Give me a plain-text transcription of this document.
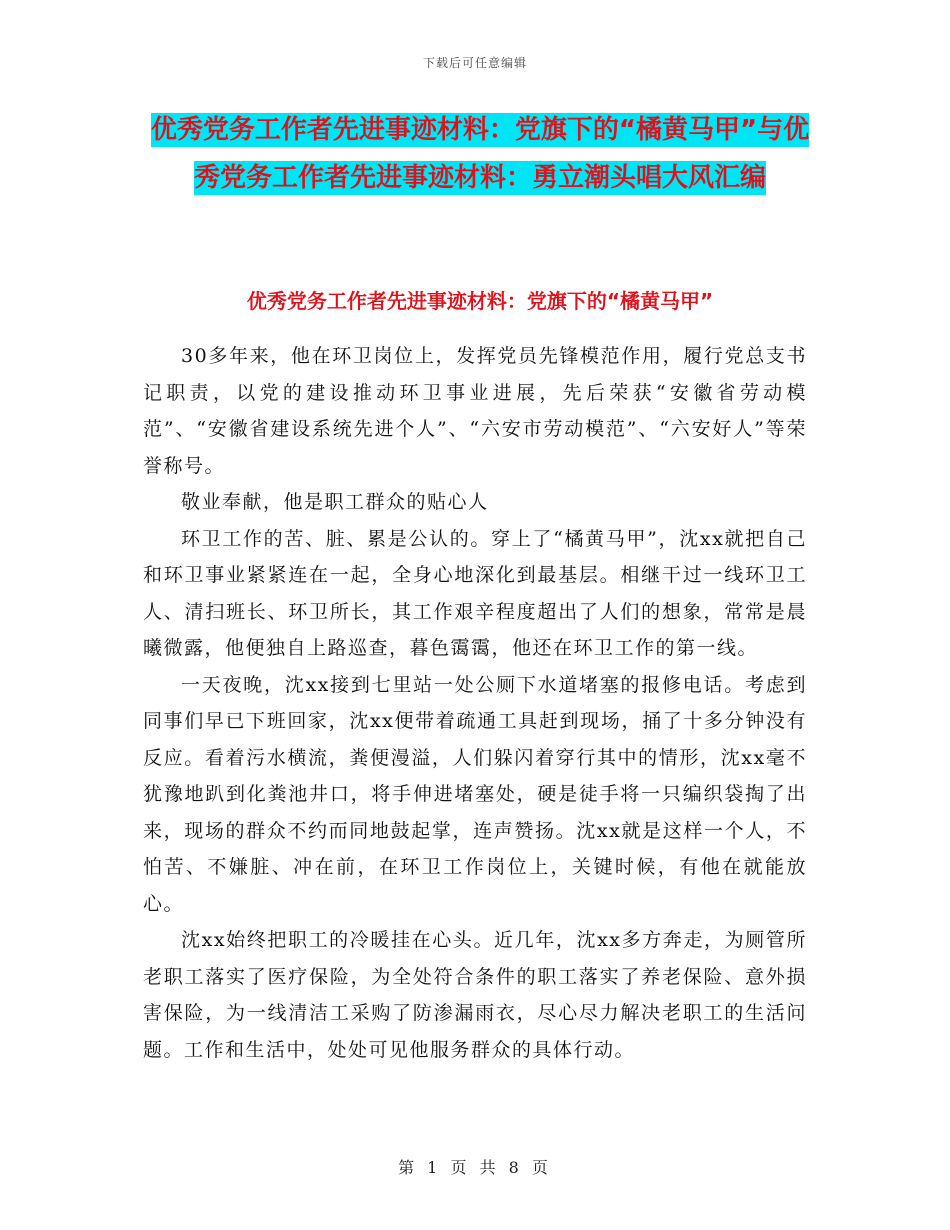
下载后可任意编辑
优秀党务工作者先进事迹材料：党旗下的“橘黄马甲”与优秀党务工作者先进事迹材料：勇立潮头唱大风汇编
优秀党务工作者先进事迹材料：党旗下的“橘黄马甲”

30多年来，他在环卫岗位上，发挥党员先锋模范作用，履行党总支书记职责，以党的建设推动环卫事业进展，先后荣获“安徽省劳动模范”、“安徽省建设系统先进个人”、“六安市劳动模范”、“六安好人”等荣誉称号。

敬业奉献，他是职工群众的贴心人

环卫工作的苦、脏、累是公认的。穿上了“橘黄马甲”，沈xx就把自己和环卫事业紧紧连在一起，全身心地深化到最基层。相继干过一线环卫工人、清扫班长、环卫所长，其工作艰辛程度超出了人们的想象，常常是晨曦微露，他便独自上路巡查，暮色霭霭，他还在环卫工作的第一线。

一天夜晚，沈xx接到七里站一处公厕下水道堵塞的报修电话。考虑到同事们早已下班回家，沈xx便带着疏通工具赶到现场，捅了十多分钟没有反应。看着污水横流，粪便漫溢，人们躲闪着穿行其中的情形，沈xx毫不犹豫地趴到化粪池井口，将手伸进堵塞处，硬是徒手将一只编织袋掏了出来，现场的群众不约而同地鼓起掌，连声赞扬。沈xx就是这样一个人，不怕苦、不嫌脏、冲在前，在环卫工作岗位上，关键时候，有他在就能放心。

沈xx始终把职工的冷暖挂在心头。近几年，沈xx多方奔走，为厕管所老职工落实了医疗保险，为全处符合条件的职工落实了养老保险、意外损害保险，为一线清洁工采购了防渗漏雨衣，尽心尽力解决老职工的生活问题。工作和生活中，处处可见他服务群众的具体行动。

第 1 页 共 8 页
